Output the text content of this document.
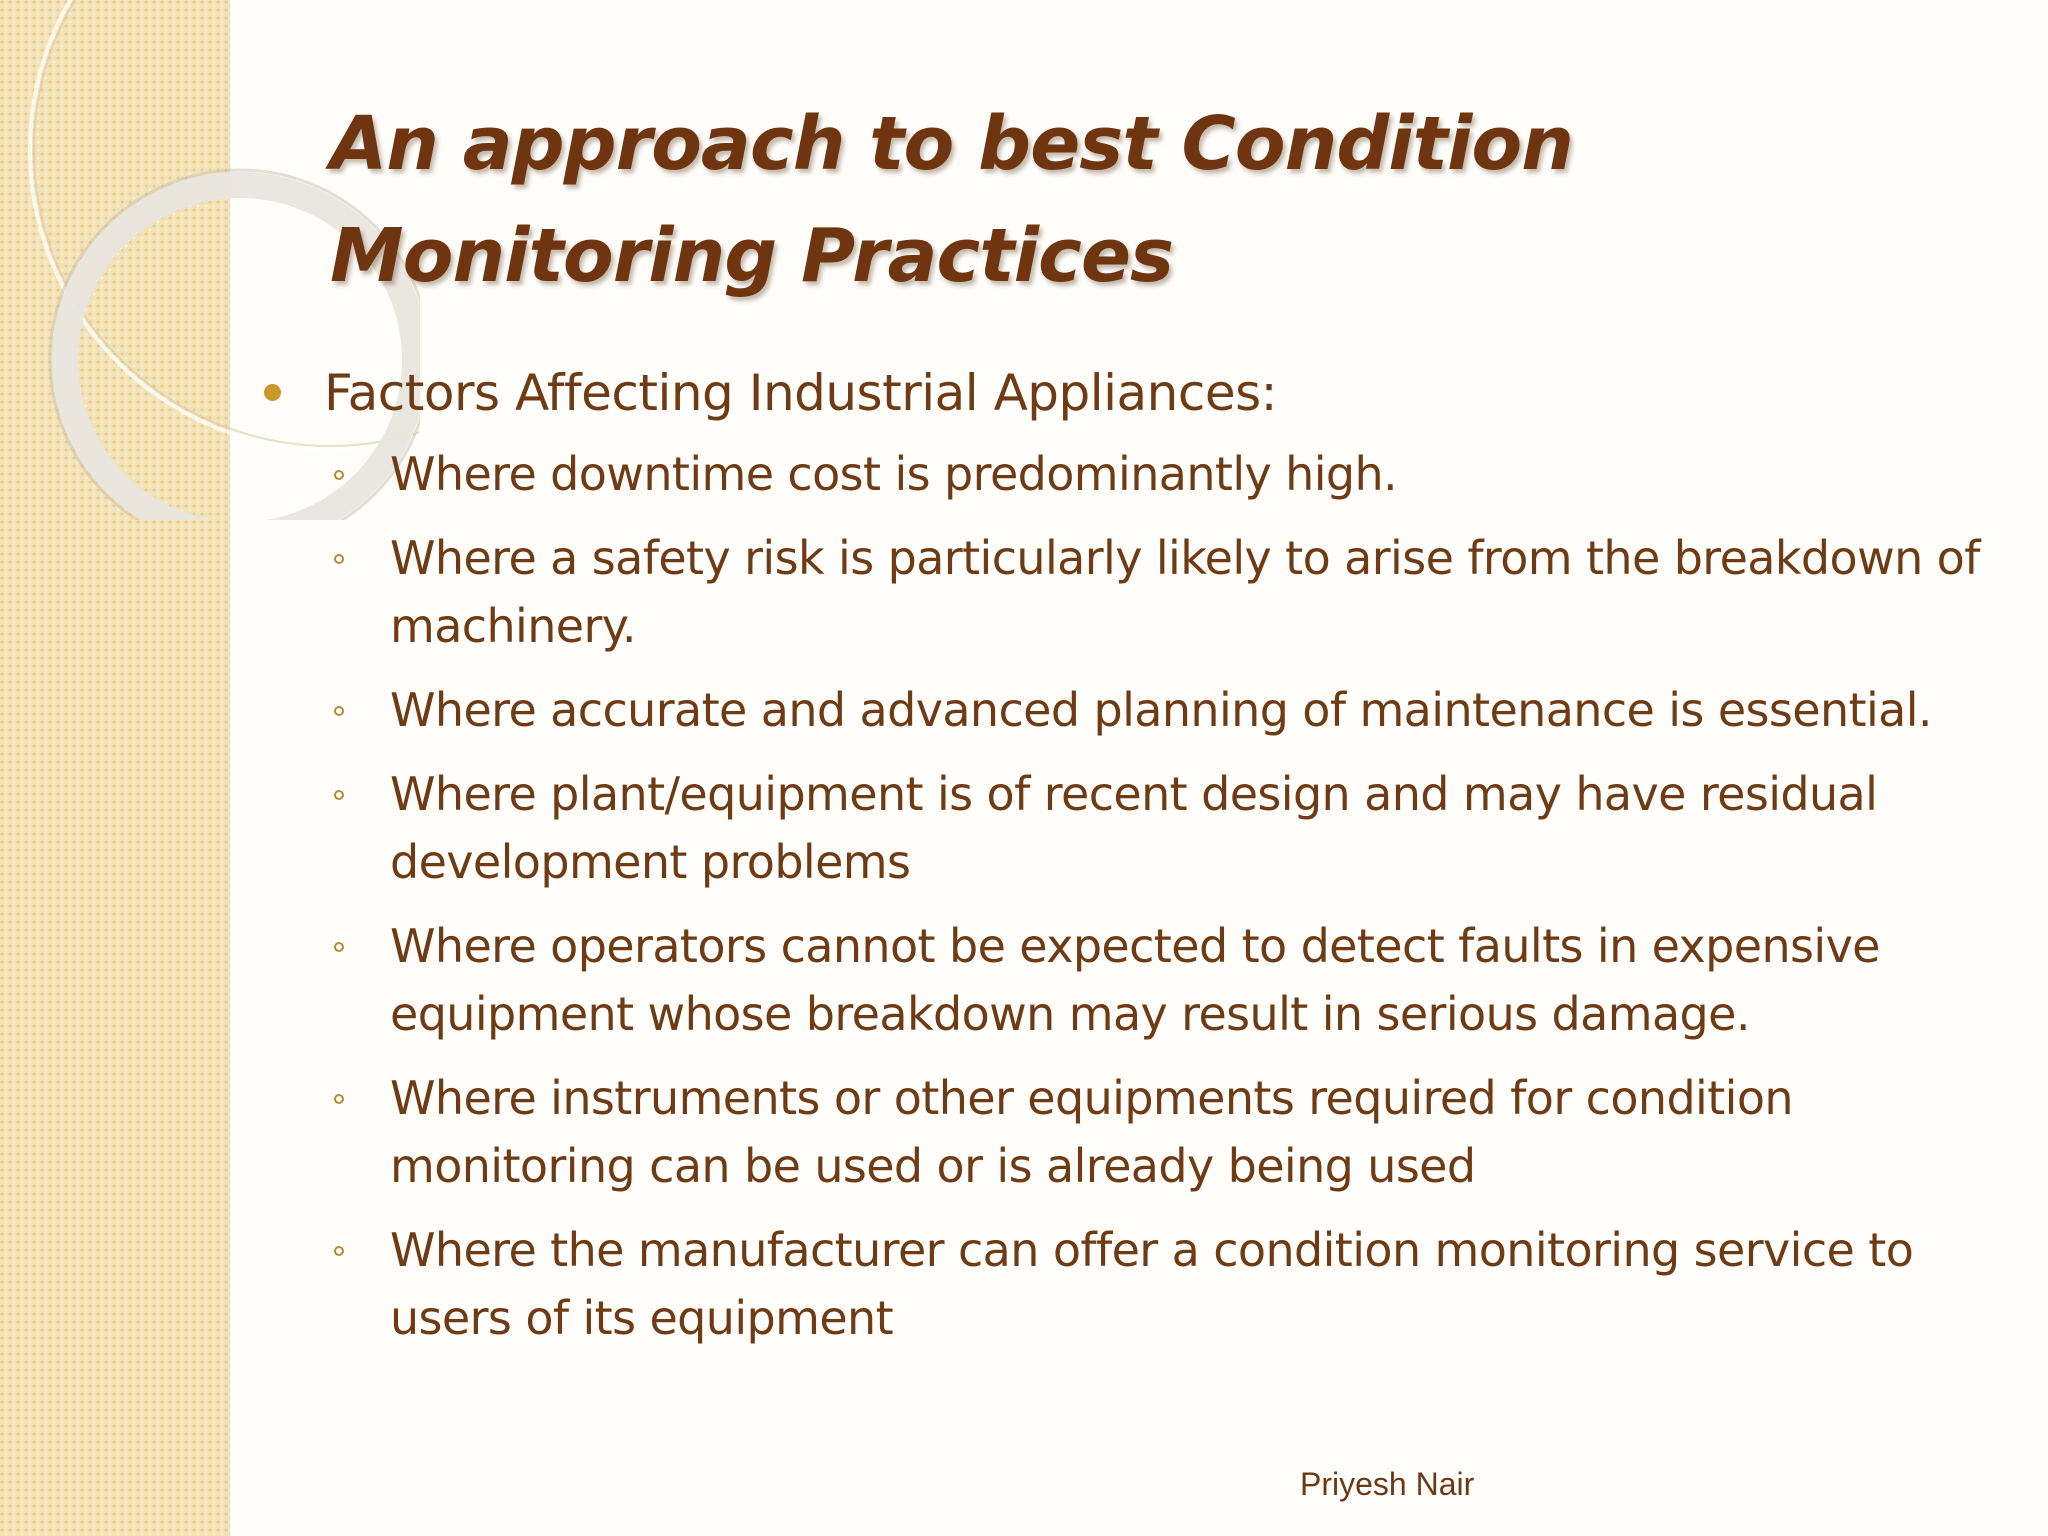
An approach to best Condition Monitoring Practices
Factors Affecting Industrial Appliances:
Where downtime cost is predominantly high.
Where a safety risk is particularly likely to arise from the breakdown of machinery.
Where accurate and advanced planning of maintenance is essential.
Where plant/equipment is of recent design and may have residual development problems
Where operators cannot be expected to detect faults in expensive equipment whose breakdown may result in serious damage.
Where instruments or other equipments required for condition monitoring can be used or is already being used
Where the manufacturer can offer a condition monitoring service to users of its equipment
Priyesh Nair
